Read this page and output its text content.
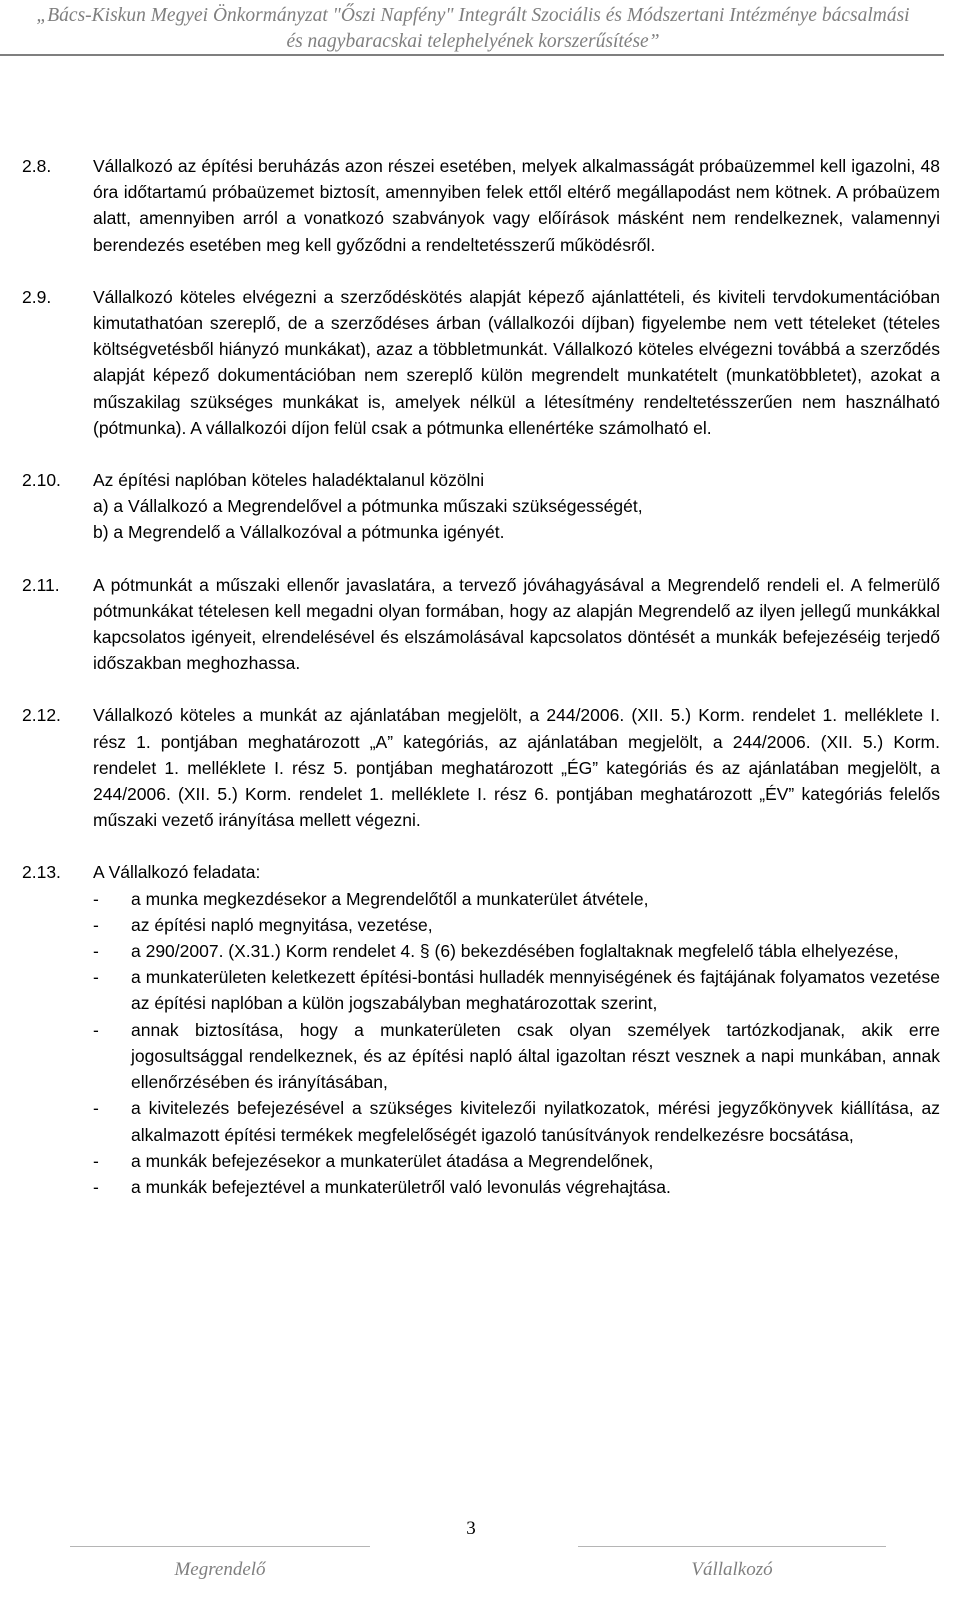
„Bács-Kiskun Megyei Önkormányzat "Őszi Napfény" Integrált Szociális és Módszertani Intézménye bácsalmási
és nagybaracskai telephelyének korszerűsítése”
2.8. Vállalkozó az építési beruházás azon részei esetében, melyek alkalmasságát próbaüzemmel kell igazolni, 48 óra időtartamú próbaüzemet biztosít, amennyiben felek ettől eltérő megállapodást nem kötnek. A próbaüzem alatt, amennyiben arról a vonatkozó szabványok vagy előírások másként nem rendelkeznek, valamennyi berendezés esetében meg kell győződni a rendeltetésszerű működésről.

2.9. Vállalkozó köteles elvégezni a szerződéskötés alapját képező ajánlattételi, és kiviteli tervdokumentációban kimutathatóan szereplő, de a szerződéses árban (vállalkozói díjban) figyelembe nem vett tételeket (tételes költségvetésből hiányzó munkákat), azaz a többletmunkát. Vállalkozó köteles elvégezni továbbá a szerződés alapját képező dokumentációban nem szereplő külön megrendelt munkatételt (munkatöbbletet), azokat a műszakilag szükséges munkákat is, amelyek nélkül a létesítmény rendeltetésszerűen nem használható (pótmunka). A vállalkozói díjon felül csak a pótmunka ellenértéke számolható el.

2.10. Az építési naplóban köteles haladéktalanul közölni

a) a Vállalkozó a Megrendelővel a pótmunka műszaki szükségességét,

b) a Megrendelő a Vállalkozóval a pótmunka igényét.

2.11. A pótmunkát a műszaki ellenőr javaslatára, a tervező jóváhagyásával a Megrendelő rendeli el. A felmerülő pótmunkákat tételesen kell megadni olyan formában, hogy az alapján Megrendelő az ilyen jellegű munkákkal kapcsolatos igényeit, elrendelésével és elszámolásával kapcsolatos döntését a munkák befejezéséig terjedő időszakban meghozhassa.

2.12. Vállalkozó köteles a munkát az ajánlatában megjelölt, a 244/2006. (XII. 5.) Korm. rendelet 1. melléklete I. rész 1. pontjában meghatározott „A” kategóriás, az ajánlatában megjelölt, a 244/2006. (XII. 5.) Korm. rendelet 1. melléklete I. rész 5. pontjában meghatározott „ÉG” kategóriás és az ajánlatában megjelölt, a 244/2006. (XII. 5.) Korm. rendelet 1. melléklete I. rész 6. pontjában meghatározott „ÉV” kategóriás felelős műszaki vezető irányítása mellett végezni.

2.13. A Vállalkozó feladata:

- a munka megkezdésekor a Megrendelőtől a munkaterület átvétele,
- az építési napló megnyitása, vezetése,
- a 290/2007. (X.31.) Korm rendelet 4. § (6) bekezdésében foglaltaknak megfelelő tábla elhelyezése,
- a munkaterületen keletkezett építési-bontási hulladék mennyiségének és fajtájának folyamatos vezetése az építési naplóban a külön jogszabályban meghatározottak szerint,
- annak biztosítása, hogy a munkaterületen csak olyan személyek tartózkodjanak, akik erre jogosultsággal rendelkeznek, és az építési napló által igazoltan részt vesznek a napi munkában, annak ellenőrzésében és irányításában,
- a kivitelezés befejezésével a szükséges kivitelezői nyilatkozatok, mérési jegyzőkönyvek kiállítása, az alkalmazott építési termékek megfelelőségét igazoló tanúsítványok rendelkezésre bocsátása,
- a munkák befejezésekor a munkaterület átadása a Megrendelőnek,
- a munkák befejeztével a munkaterületről való levonulás végrehajtása.
3
Megrendelő	Vállalkozó
